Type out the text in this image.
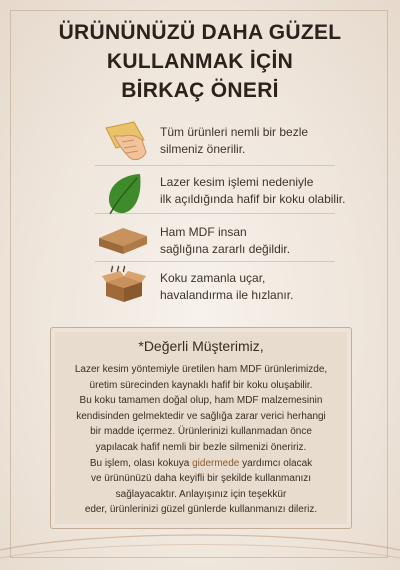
ÜRÜNÜNÜZÜ DAHA GÜZEL
KULLANMAK İÇİN
BİRKAÇ ÖNERİ
Tüm ürünleri nemli bir bezle
silmeniz önerilir.
Lazer kesim işlemi nedeniyle
ilk açıldığında hafif bir koku olabilir.
Ham MDF insan
sağlığına zararlı değildir.
Koku zamanla uçar,
havalandırma ile hızlanır.
*Değerli Müşterimiz,
Lazer kesim yöntemiyle üretilen ham MDF ürünlerimizde,
üretim sürecinden kaynaklı hafif bir koku oluşabilir.
Bu koku tamamen doğal olup, ham MDF malzemesinin
kendisinden gelmektedir ve sağlığa zarar verici herhangi
bir madde içermez. Ürünlerinizi kullanmadan önce
yapılacak hafif nemli bir bezle silmenizi öneririz.
Bu işlem, olası kokuya gidermede yardımcı olacak
ve ürününüzü daha keyifli bir şekilde kullanmanızı
sağlayacaktır. Anlayışınız için teşekkür
eder, ürünlerinizi güzel günlerde kullanmanızı dileriz.
